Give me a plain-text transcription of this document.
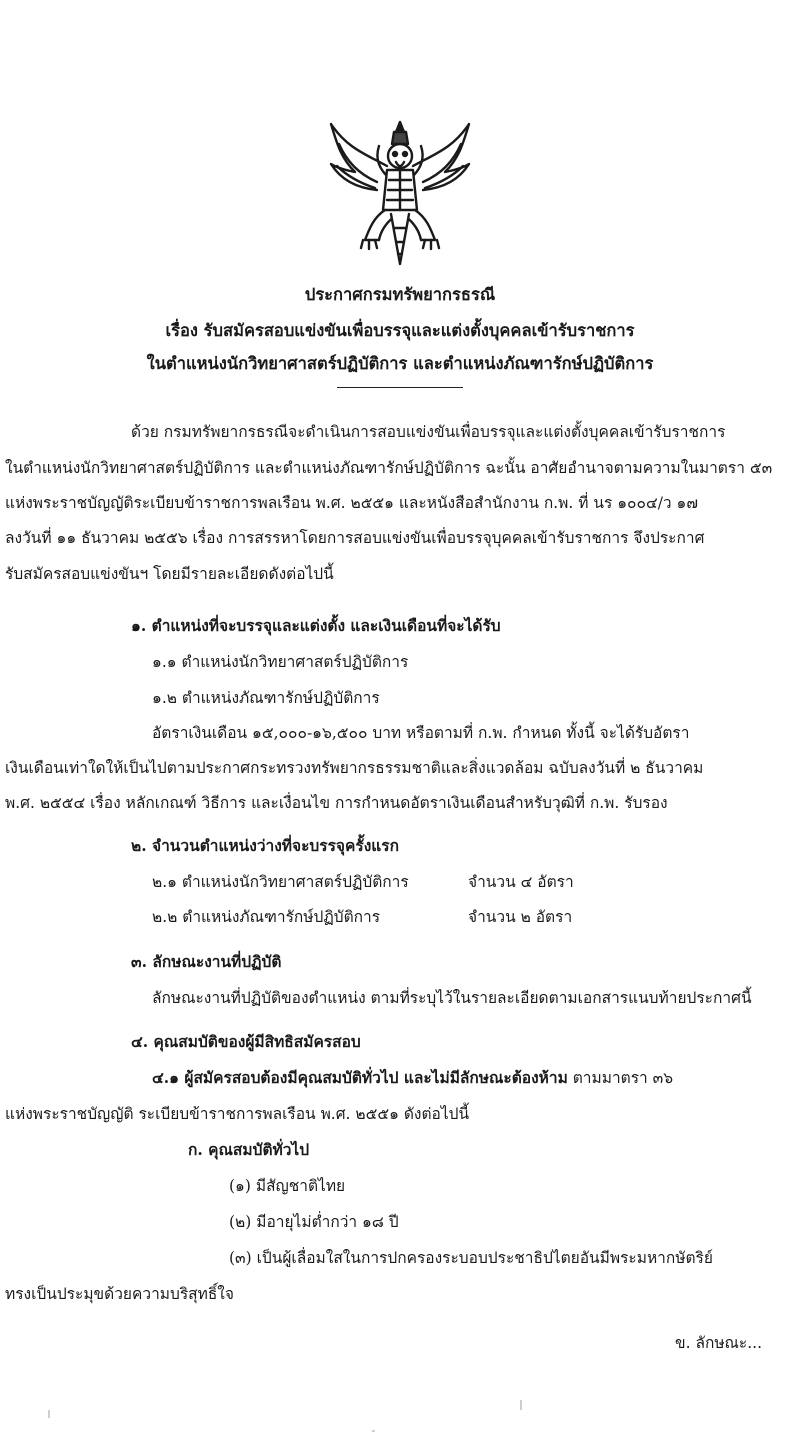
ประกาศกรมทรัพยากรธรณี
เรื่อง รับสมัครสอบแข่งขันเพื่อบรรจุและแต่งตั้งบุคคลเข้ารับราชการ
ในตำแหน่งนักวิทยาศาสตร์ปฏิบัติการ และตำแหน่งภัณฑารักษ์ปฏิบัติการ
ด้วย กรมทรัพยากรธรณีจะดำเนินการสอบแข่งขันเพื่อบรรจุและแต่งตั้งบุคคลเข้ารับราชการ
ในตำแหน่งนักวิทยาศาสตร์ปฏิบัติการ และตำแหน่งภัณฑารักษ์ปฏิบัติการ ฉะนั้น อาศัยอำนาจตามความในมาตรา ๕๓
แห่งพระราชบัญญัติระเบียบข้าราชการพลเรือน พ.ศ. ๒๕๕๑ และหนังสือสำนักงาน ก.พ. ที่ นร ๑๐๐๔/ว ๑๗
ลงวันที่ ๑๑ ธันวาคม ๒๕๕๖ เรื่อง การสรรหาโดยการสอบแข่งขันเพื่อบรรจุบุคคลเข้ารับราชการ จึงประกาศ
รับสมัครสอบแข่งขันฯ โดยมีรายละเอียดดังต่อไปนี้
๑. ตำแหน่งที่จะบรรจุและแต่งตั้ง และเงินเดือนที่จะได้รับ
๑.๑ ตำแหน่งนักวิทยาศาสตร์ปฏิบัติการ
๑.๒ ตำแหน่งภัณฑารักษ์ปฏิบัติการ
อัตราเงินเดือน ๑๕,๐๐๐-๑๖,๕๐๐ บาท หรือตามที่ ก.พ. กำหนด ทั้งนี้ จะได้รับอัตรา
เงินเดือนเท่าใดให้เป็นไปตามประกาศกระทรวงทรัพยากรธรรมชาติและสิ่งแวดล้อม ฉบับลงวันที่ ๒ ธันวาคม
พ.ศ. ๒๕๕๔ เรื่อง หลักเกณฑ์ วิธีการ และเงื่อนไข การกำหนดอัตราเงินเดือนสำหรับวุฒิที่ ก.พ. รับรอง
๒. จำนวนตำแหน่งว่างที่จะบรรจุครั้งแรก
๒.๑ ตำแหน่งนักวิทยาศาสตร์ปฏิบัติการ	จำนวน ๔ อัตรา
๒.๒ ตำแหน่งภัณฑารักษ์ปฏิบัติการ	จำนวน ๒ อัตรา
๓. ลักษณะงานที่ปฏิบัติ
ลักษณะงานที่ปฏิบัติของตำแหน่ง ตามที่ระบุไว้ในรายละเอียดตามเอกสารแนบท้ายประกาศนี้
๔. คุณสมบัติของผู้มีสิทธิสมัครสอบ
๔.๑ ผู้สมัครสอบต้องมีคุณสมบัติทั่วไป และไม่มีลักษณะต้องห้าม ตามมาตรา ๓๖
แห่งพระราชบัญญัติ ระเบียบข้าราชการพลเรือน พ.ศ. ๒๕๕๑ ดังต่อไปนี้
ก. คุณสมบัติทั่วไป
(๑) มีสัญชาติไทย
(๒) มีอายุไม่ต่ำกว่า ๑๘ ปี
(๓) เป็นผู้เลื่อมใสในการปกครองระบอบประชาธิปไตยอันมีพระมหากษัตริย์
ทรงเป็นประมุขด้วยความบริสุทธิ์ใจ
ข. ลักษณะ...
